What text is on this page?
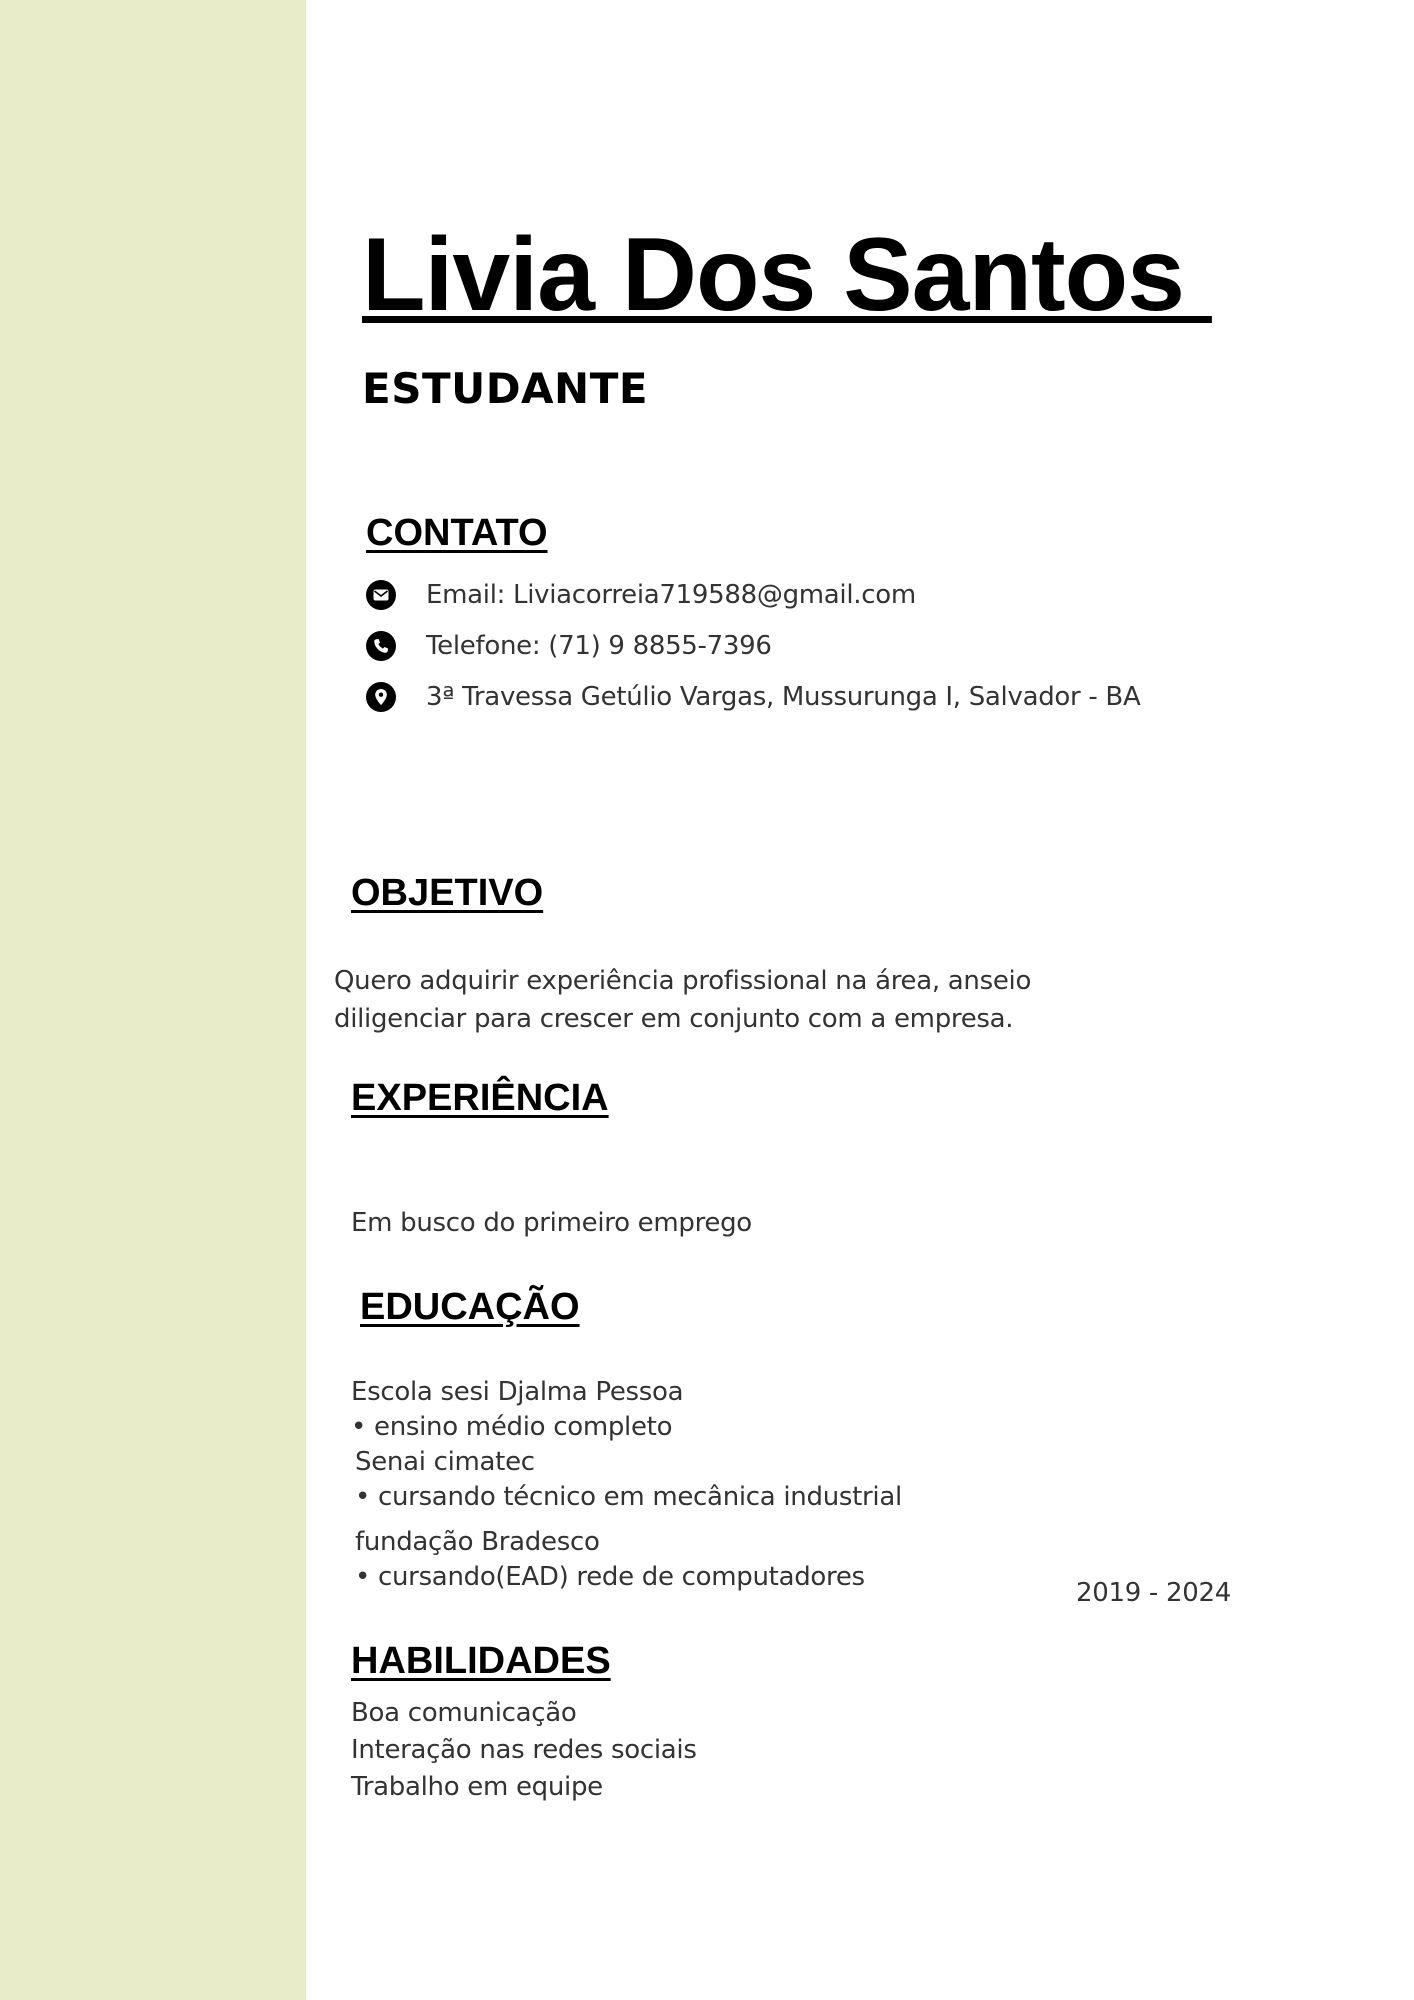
Livia Dos Santos
ESTUDANTE
CONTATO
Email: Liviacorreia719588@gmail.com
Telefone: (71) 9 8855-7396
3ª Travessa Getúlio Vargas, Mussurunga I, Salvador - BA
OBJETIVO

Quero adquirir experiência profissional na área, anseio diligenciar para crescer em conjunto com a empresa.

EXPERIÊNCIA

Em busco do primeiro emprego

EDUCAÇÃO

Escola sesi Djalma Pessoa

• ensino médio completo

Senai cimatec

• cursando técnico em mecânica industrial

fundação Bradesco

• cursando(EAD) rede de computadores

2019 - 2024

HABILIDADES

Boa comunicação

Interação nas redes sociais

Trabalho em equipe
